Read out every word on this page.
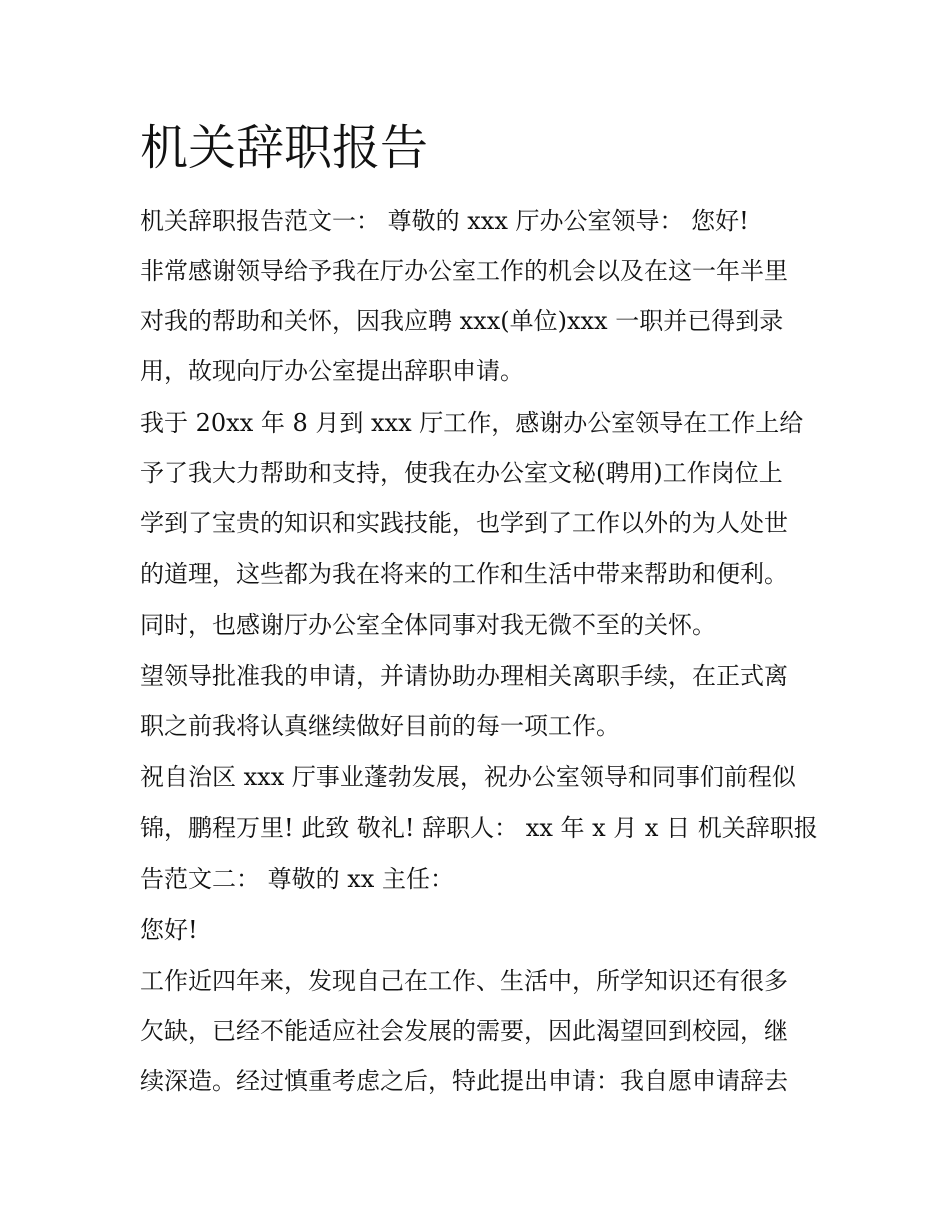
机关辞职报告

机关辞职报告范文一： 尊敬的 xxx 厅办公室领导： 您好!

非常感谢领导给予我在厅办公室工作的机会以及在这一年半里

对我的帮助和关怀，因我应聘 xxx(单位)xxx 一职并已得到录

用，故现向厅办公室提出辞职申请。

我于 20xx 年 8 月到 xxx 厅工作，感谢办公室领导在工作上给

予了我大力帮助和支持，使我在办公室文秘(聘用)工作岗位上

学到了宝贵的知识和实践技能，也学到了工作以外的为人处世

的道理，这些都为我在将来的工作和生活中带来帮助和便利。

同时，也感谢厅办公室全体同事对我无微不至的关怀。

望领导批准我的申请，并请协助办理相关离职手续，在正式离

职之前我将认真继续做好目前的每一项工作。

祝自治区 xxx 厅事业蓬勃发展，祝办公室领导和同事们前程似

锦，鹏程万里! 此致 敬礼! 辞职人： xx 年 x 月 x 日 机关辞职报

告范文二： 尊敬的 xx 主任：

您好!

工作近四年来，发现自己在工作、生活中，所学知识还有很多

欠缺，已经不能适应社会发展的需要，因此渴望回到校园，继

续深造。经过慎重考虑之后，特此提出申请：我自愿申请辞去
